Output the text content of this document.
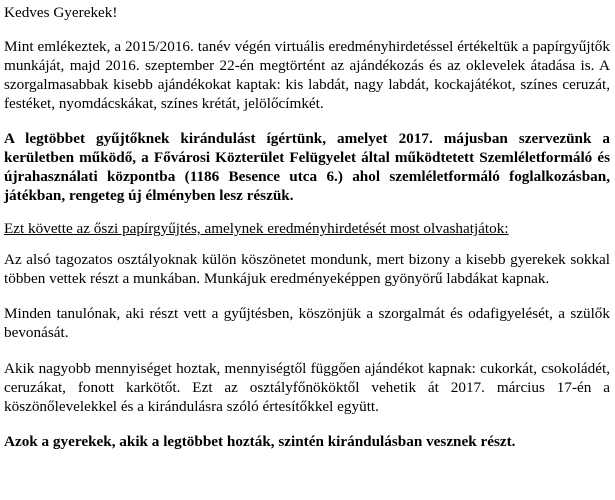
Kedves Gyerekek!

Mint emlékeztek, a 2015/2016. tanév végén virtuális eredményhirdetéssel értékeltük a papírgyűjtők munkáját, majd 2016. szeptember 22-én megtörtént az ajándékozás és az oklevelek átadása is. A szorgalmasabbak kisebb ajándékokat kaptak: kis labdát, nagy labdát, kockajátékot, színes ceruzát, festéket, nyomdácskákat, színes krétát, jelölőcímkét.

A legtöbbet gyűjtőknek kirándulást ígértünk, amelyet 2017. májusban szervezünk a kerületben működő, a Fővárosi Közterület Felügyelet által működtetett Szemléletformáló és újrahasználati központba (1186 Besence utca 6.) ahol szemléletformáló foglalkozásban, játékban, rengeteg új élményben lesz részük.

Ezt követte az őszi papírgyűjtés, amelynek eredményhirdetését most olvashatjátok:

Az alsó tagozatos osztályoknak külön köszönetet mondunk, mert bizony a kisebb gyerekek sokkal többen vettek részt a munkában. Munkájuk eredményeképpen gyönyörű labdákat kapnak.

Minden tanulónak, aki részt vett a gyűjtésben, köszönjük a szorgalmát és odafigyelését, a szülők bevonását.

Akik nagyobb mennyiséget hoztak, mennyiségtől függően ajándékot kapnak: cukorkát, csokoládét, ceruzákat, fonott karkötőt. Ezt az osztályfőnököktől vehetik át 2017. március 17-én a köszönőlevelekkel és a kirándulásra szóló értesítőkkel együtt.

Azok a gyerekek, akik a legtöbbet hozták, szintén kirándulásban vesznek részt.
